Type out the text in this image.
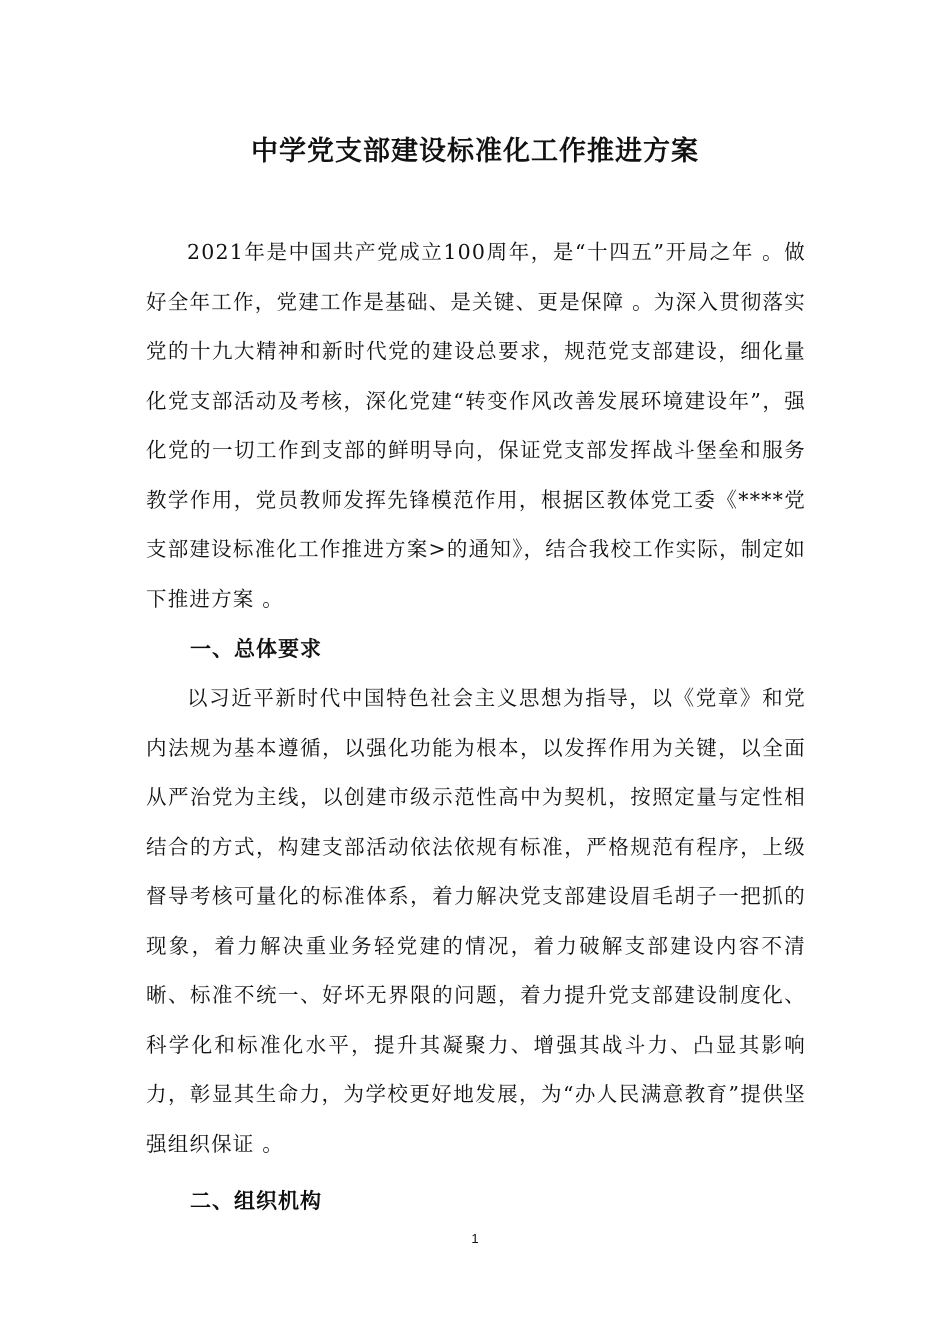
中学党支部建设标准化工作推进方案

2021年是中国共产党成立100周年，是“十四五”开局之年 。做好全年工作，党建工作是基础、是关键、更是保障 。为深入贯彻落实党的十九大精神和新时代党的建设总要求，规范党支部建设，细化量化党支部活动及考核，深化党建“转变作风改善发展环境建设年”，强化党的一切工作到支部的鲜明导向，保证党支部发挥战斗堡垒和服务教学作用，党员教师发挥先锋模范作用，根据区教体党工委《****党支部建设标准化工作推进方案>的通知》，结合我校工作实际，制定如下推进方案 。

一、总体要求

以习近平新时代中国特色社会主义思想为指导，以《党章》和党内法规为基本遵循，以强化功能为根本，以发挥作用为关键，以全面从严治党为主线，以创建市级示范性高中为契机，按照定量与定性相结合的方式，构建支部活动依法依规有标准，严格规范有程序，上级督导考核可量化的标准体系，着力解决党支部建设眉毛胡子一把抓的现象，着力解决重业务轻党建的情况，着力破解支部建设内容不清晰、标准不统一、好坏无界限的问题，着力提升党支部建设制度化、科学化和标准化水平，提升其凝聚力、增强其战斗力、凸显其影响力，彰显其生命力，为学校更好地发展，为“办人民满意教育”提供坚强组织保证 。

二、组织机构
1
